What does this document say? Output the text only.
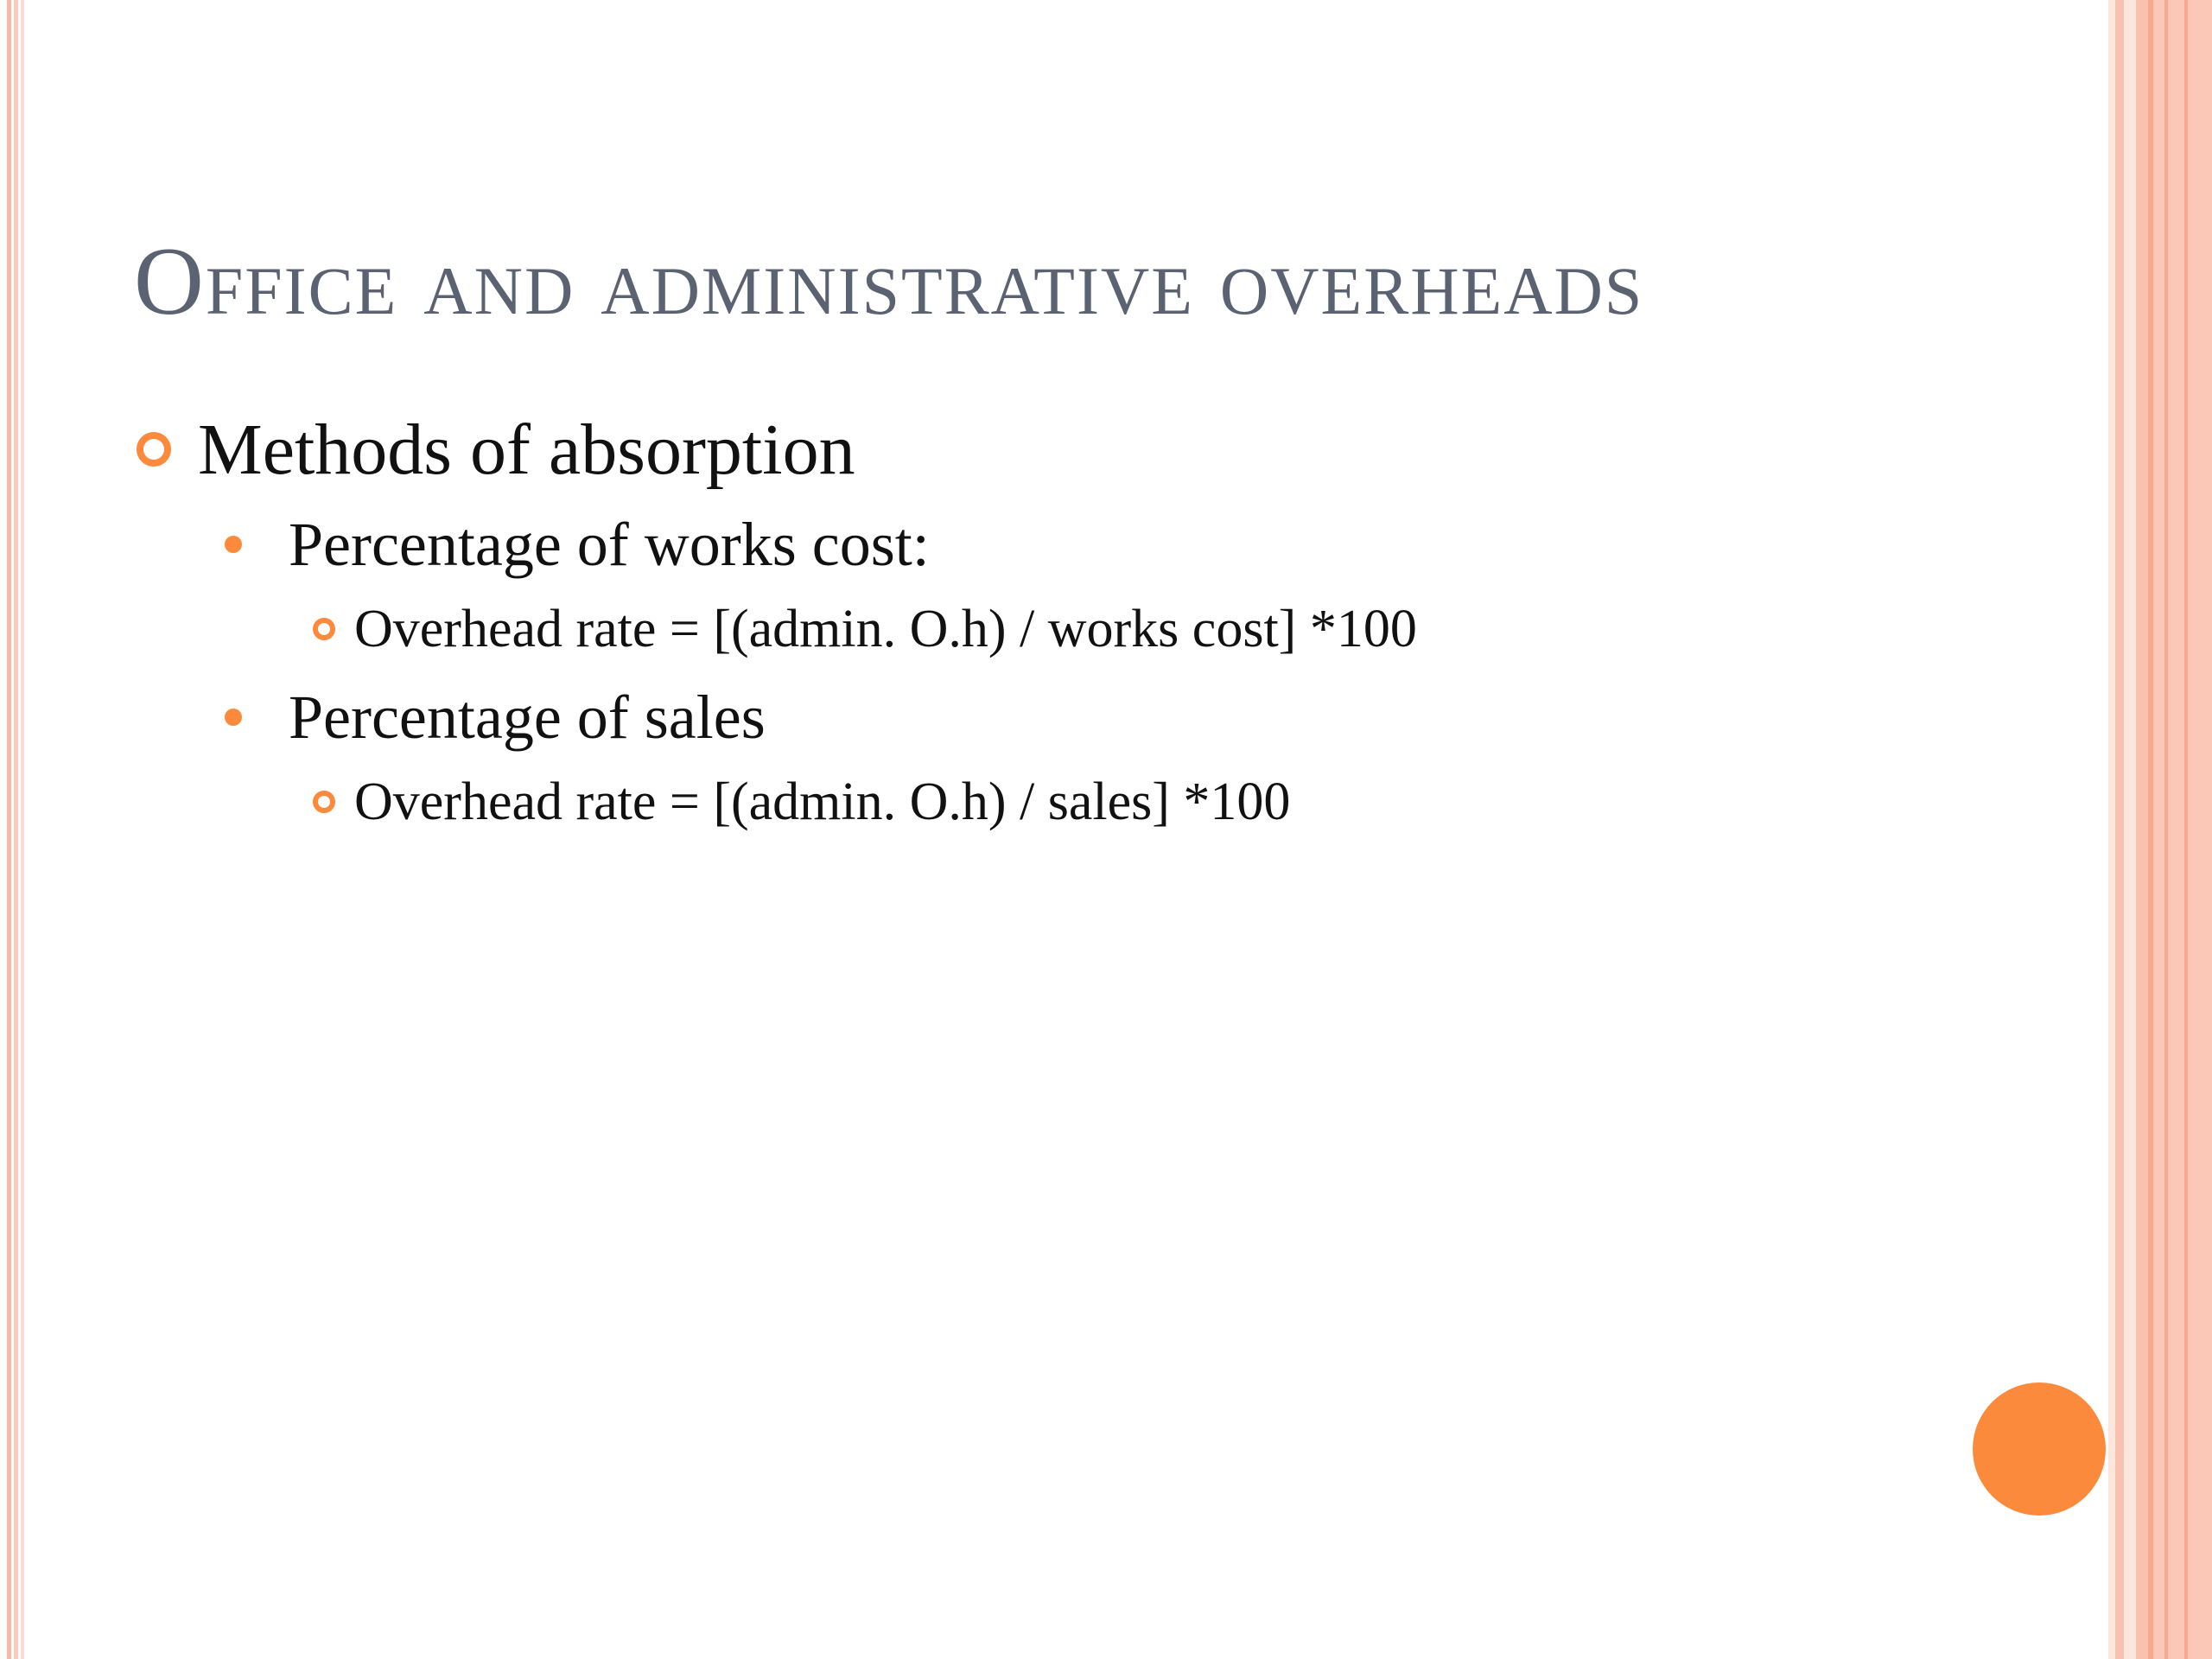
Office and administrative overheads
Methods of absorption
Percentage of works cost:
Overhead rate = [(admin. O.h) / works cost] *100
Percentage of sales
Overhead rate = [(admin. O.h) / sales] *100
